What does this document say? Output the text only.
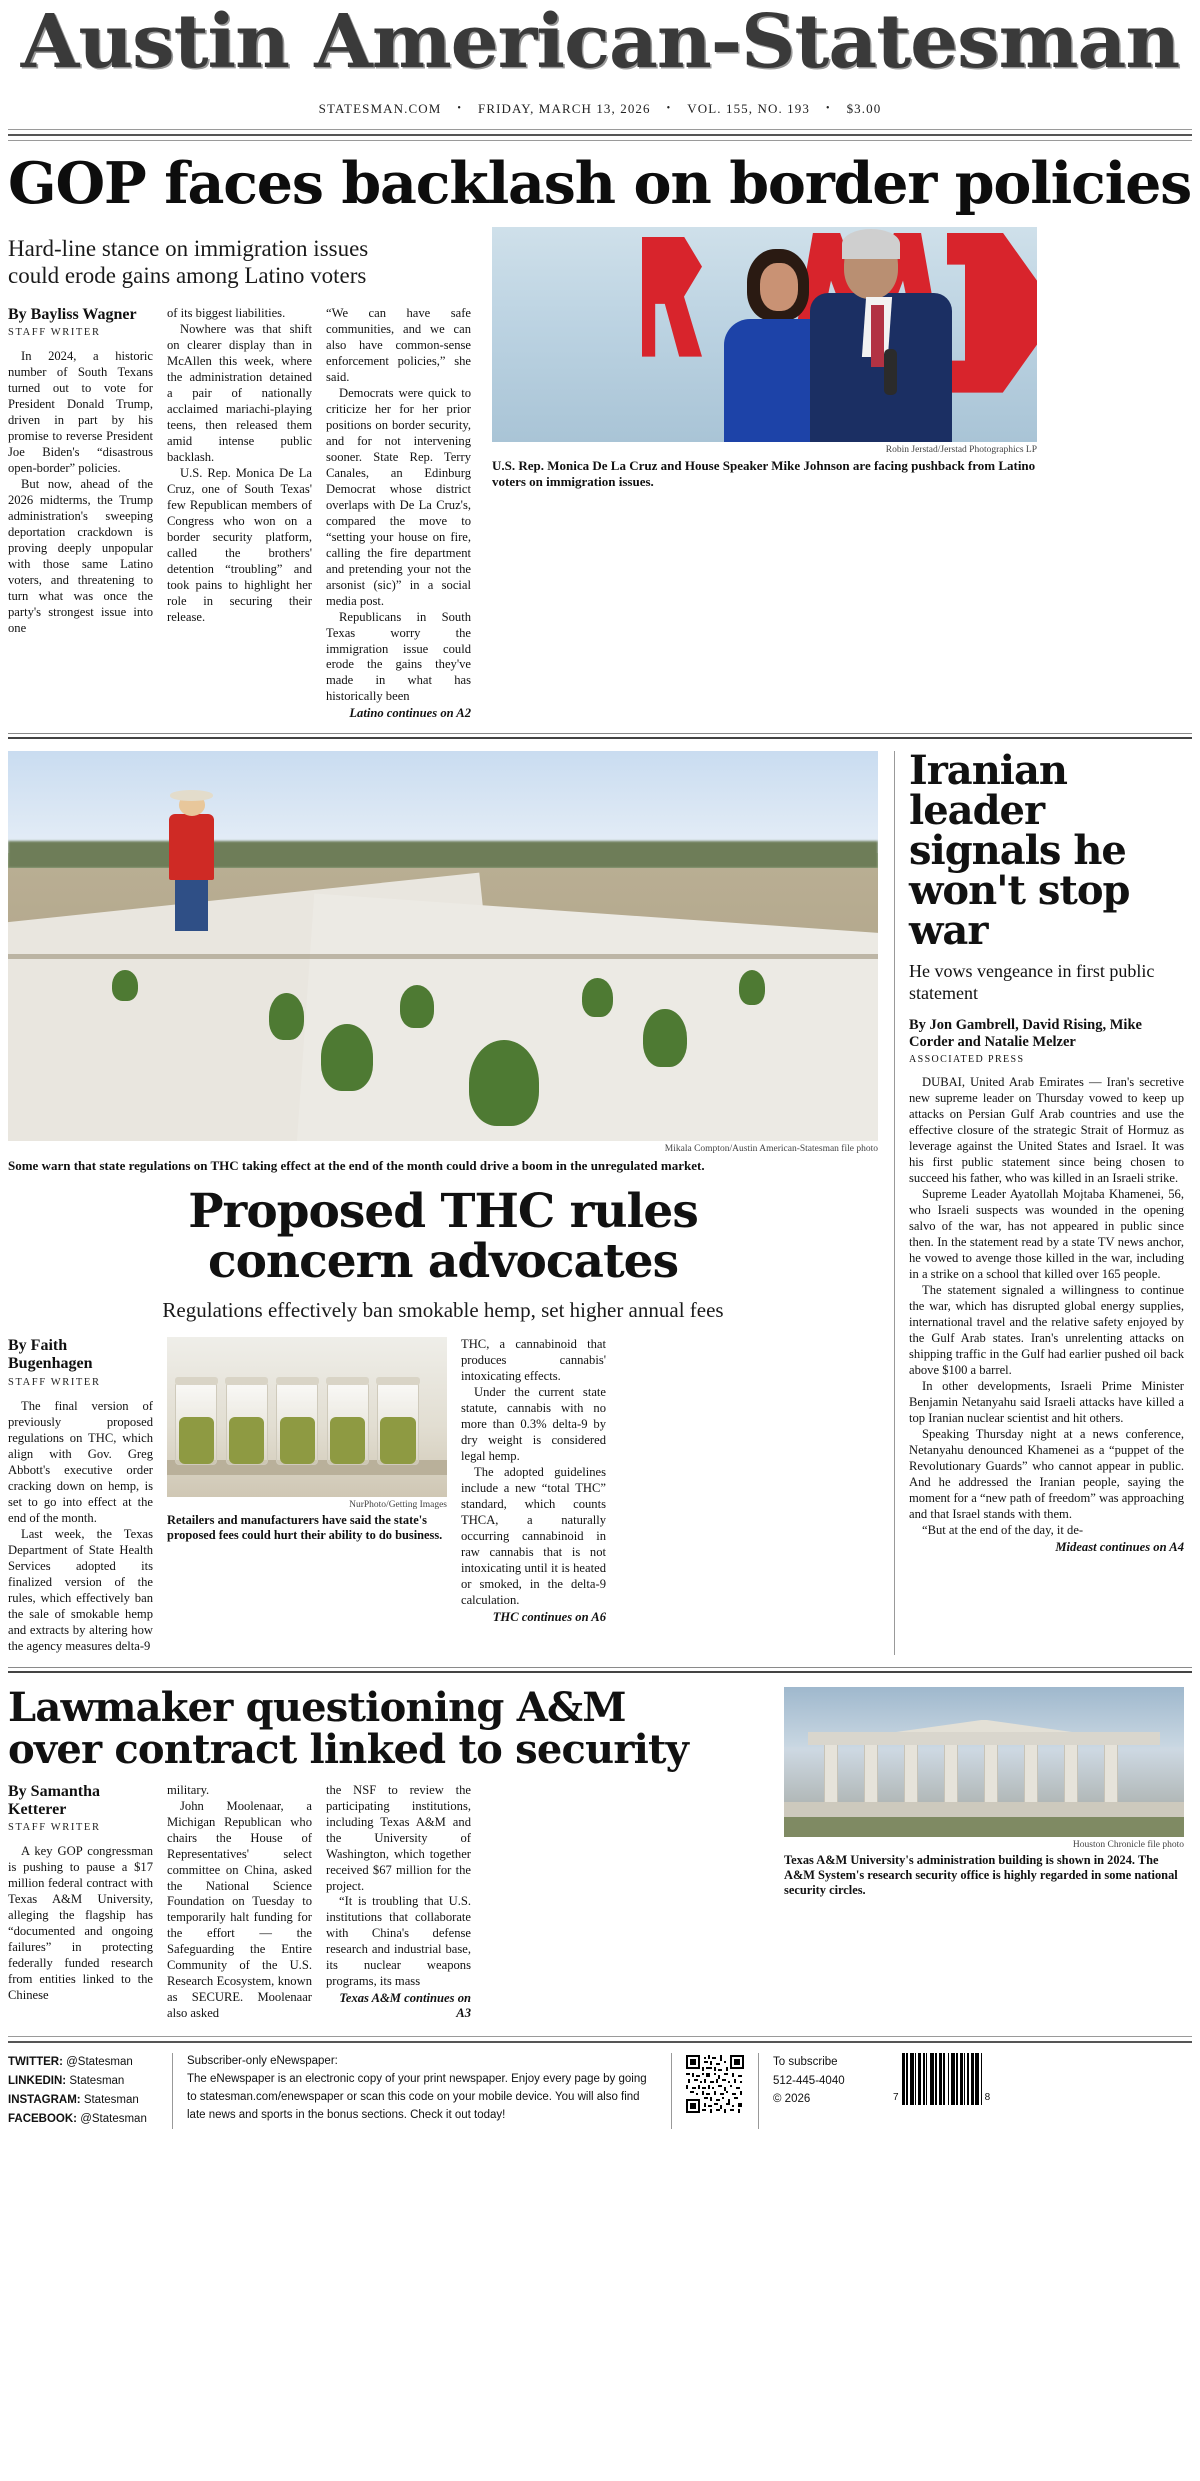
Austin American-Statesman
STATESMAN.COM • FRIDAY, MARCH 13, 2026 • VOL. 155, NO. 193 • $3.00
GOP faces backlash on border policies
Hard-line stance on immigration issues
could erode gains among Latino voters
By Bayliss Wagner
STAFF WRITER

In 2024, a historic number of South Texans turned out to vote for President Donald Trump, driven in part by his promise to reverse President Joe Biden's “disastrous open-border” policies.

But now, ahead of the 2026 midterms, the Trump administration's sweeping deportation crackdown is proving deeply unpopular with those same Latino voters, and threatening to turn what was once the party's strongest issue into one

of its biggest liabilities.

Nowhere was that shift on clearer display than in McAllen this week, where the administration detained a pair of nationally acclaimed mariachi-playing teens, then released them amid intense public backlash.

U.S. Rep. Monica De La Cruz, one of South Texas' few Republican members of Congress who won on a border security platform, called the brothers' detention “troubling” and took pains to highlight her role in securing their release.

“We can have safe communities, and we can also have common-sense enforcement policies,” she said.

Democrats were quick to criticize her for her prior positions on border security, and for not intervening sooner. State Rep. Terry Canales, an Edinburg Democrat whose district overlaps with De La Cruz's, compared the move to “setting your house on fire, calling the fire department and pretending your not the arsonist (sic)” in a social media post.

Republicans in South Texas worry the immigration issue could erode the gains they've made in what has historically been

Latino continues on A2
Robin Jerstad/Jerstad Photographics LP
U.S. Rep. Monica De La Cruz and House Speaker Mike Johnson are facing pushback from Latino voters on immigration issues.
Mikala Compton/Austin American-Statesman file photo
Some warn that state regulations on THC taking effect at the end of the month could drive a boom in the unregulated market.
Proposed THC rules
concern advocates
Regulations effectively ban smokable hemp, set higher annual fees
By Faith Bugenhagen
STAFF WRITER

The final version of previously proposed regulations on THC, which align with Gov. Greg Abbott's executive order cracking down on hemp, is set to go into effect at the end of the month.

Last week, the Texas Department of State Health Services adopted its finalized version of the rules, which effectively ban the sale of smokable hemp and extracts by altering how the agency measures delta-9

NurPhoto/Getting Images
Retailers and manufacturers have said the state's proposed fees could hurt their ability to do business.

THC, a cannabinoid that produces cannabis' intoxicating effects.

Under the current state statute, cannabis with no more than 0.3% delta-9 by dry weight is considered legal hemp.

The adopted guidelines include a new “total THC” standard, which counts THCA, a naturally occurring cannabinoid in raw cannabis that is not intoxicating until it is heated or smoked, in the delta-9 calculation.

THC continues on A6
Iranian leader signals he won't stop war
He vows vengeance in first public statement
By Jon Gambrell, David Rising, Mike Corder and Natalie Melzer
ASSOCIATED PRESS

DUBAI, United Arab Emirates — Iran's secretive new supreme leader on Thursday vowed to keep up attacks on Persian Gulf Arab countries and use the effective closure of the strategic Strait of Hormuz as leverage against the United States and Israel. It was his first public statement since being chosen to succeed his father, who was killed in an Israeli strike.

Supreme Leader Ayatollah Mojtaba Khamenei, 56, who Israeli suspects was wounded in the opening salvo of the war, has not appeared in public since then. In the statement read by a state TV news anchor, he vowed to avenge those killed in the war, including in a strike on a school that killed over 165 people.

The statement signaled a willingness to continue the war, which has disrupted global energy supplies, international travel and the relative safety enjoyed by the Gulf Arab states. Iran's unrelenting attacks on shipping traffic in the Gulf had earlier pushed oil back above $100 a barrel.

In other developments, Israeli Prime Minister Benjamin Netanyahu said Israeli attacks have killed a top Iranian nuclear scientist and hit others.

Speaking Thursday night at a news conference, Netanyahu denounced Khamenei as a “puppet of the Revolutionary Guards” who cannot appear in public. And he addressed the Iranian people, saying the moment for a “new path of freedom” was approaching and that Israel stands with them.

“But at the end of the day, it de-

Mideast continues on A4
Lawmaker questioning A&M
over contract linked to security
By Samantha Ketterer
STAFF WRITER

A key GOP congressman is pushing to pause a $17 million federal contract with Texas A&M University, alleging the flagship has “documented and ongoing failures” in protecting federally funded research from entities linked to the Chinese

military.

John Moolenaar, a Michigan Republican who chairs the House of Representatives' select committee on China, asked the National Science Foundation on Tuesday to temporarily halt funding for the effort — the Safeguarding the Entire Community of the U.S. Research Ecosystem, known as SECURE. Moolenaar also asked

the NSF to review the participating institutions, including Texas A&M and the University of Washington, which together received $67 million for the project.

“It is troubling that U.S. institutions that collaborate with China's defense research and industrial base, its nuclear weapons programs, its mass

Texas A&M continues on A3
Houston Chronicle file photo
Texas A&M University's administration building is shown in 2024. The A&M System's research security office is highly regarded in some national security circles.
TWITTER: @Statesman
LINKEDIN: Statesman
INSTAGRAM: Statesman
FACEBOOK: @Statesman
Subscriber-only eNewspaper:
The eNewspaper is an electronic copy of your print newspaper. Enjoy every page by going to statesman.com/enewspaper or scan this code on your mobile device. You will also find late news and sports in the bonus sections. Check it out today!
To subscribe
512-445-4040
© 2026	7	8
